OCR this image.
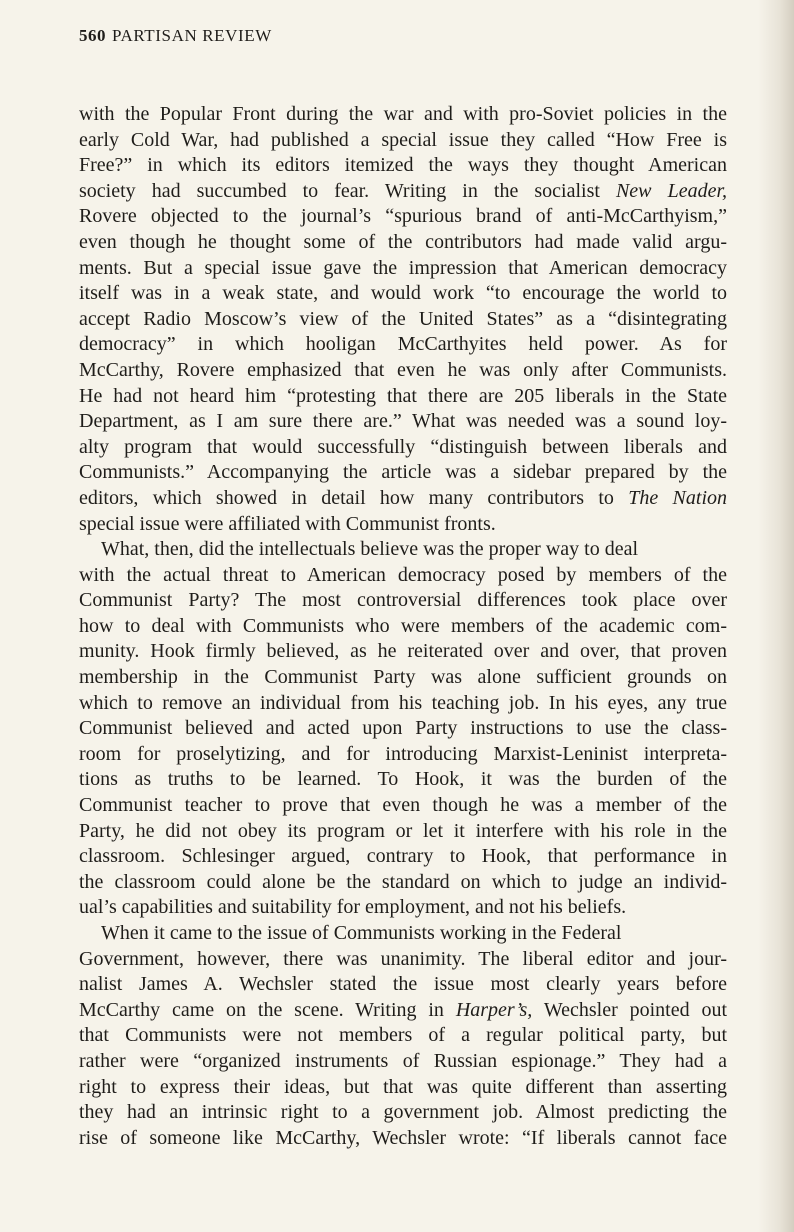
560 PARTISAN REVIEW
with the Popular Front during the war and with pro-Soviet policies in the
early Cold War, had published a special issue they called “How Free is
Free?” in which its editors itemized the ways they thought American
society had succumbed to fear. Writing in the socialist New Leader,
Rovere objected to the journal’s “spurious brand of anti-McCarthyism,”
even though he thought some of the contributors had made valid argu-
ments. But a special issue gave the impression that American democracy
itself was in a weak state, and would work “to encourage the world to
accept Radio Moscow’s view of the United States” as a “disintegrating
democracy” in which hooligan McCarthyites held power. As for
McCarthy, Rovere emphasized that even he was only after Communists.
He had not heard him “protesting that there are 205 liberals in the State
Department, as I am sure there are.” What was needed was a sound loy-
alty program that would successfully “distinguish between liberals and
Communists.” Accompanying the article was a sidebar prepared by the
editors, which showed in detail how many contributors to The Nation
special issue were affiliated with Communist fronts.
What, then, did the intellectuals believe was the proper way to deal
with the actual threat to American democracy posed by members of the
Communist Party? The most controversial differences took place over
how to deal with Communists who were members of the academic com-
munity. Hook firmly believed, as he reiterated over and over, that proven
membership in the Communist Party was alone sufficient grounds on
which to remove an individual from his teaching job. In his eyes, any true
Communist believed and acted upon Party instructions to use the class-
room for proselytizing, and for introducing Marxist-Leninist interpreta-
tions as truths to be learned. To Hook, it was the burden of the
Communist teacher to prove that even though he was a member of the
Party, he did not obey its program or let it interfere with his role in the
classroom. Schlesinger argued, contrary to Hook, that performance in
the classroom could alone be the standard on which to judge an individ-
ual’s capabilities and suitability for employment, and not his beliefs.
When it came to the issue of Communists working in the Federal
Government, however, there was unanimity. The liberal editor and jour-
nalist James A. Wechsler stated the issue most clearly years before
McCarthy came on the scene. Writing in Harper’s, Wechsler pointed out
that Communists were not members of a regular political party, but
rather were “organized instruments of Russian espionage.” They had a
right to express their ideas, but that was quite different than asserting
they had an intrinsic right to a government job. Almost predicting the
rise of someone like McCarthy, Wechsler wrote: “If liberals cannot face
